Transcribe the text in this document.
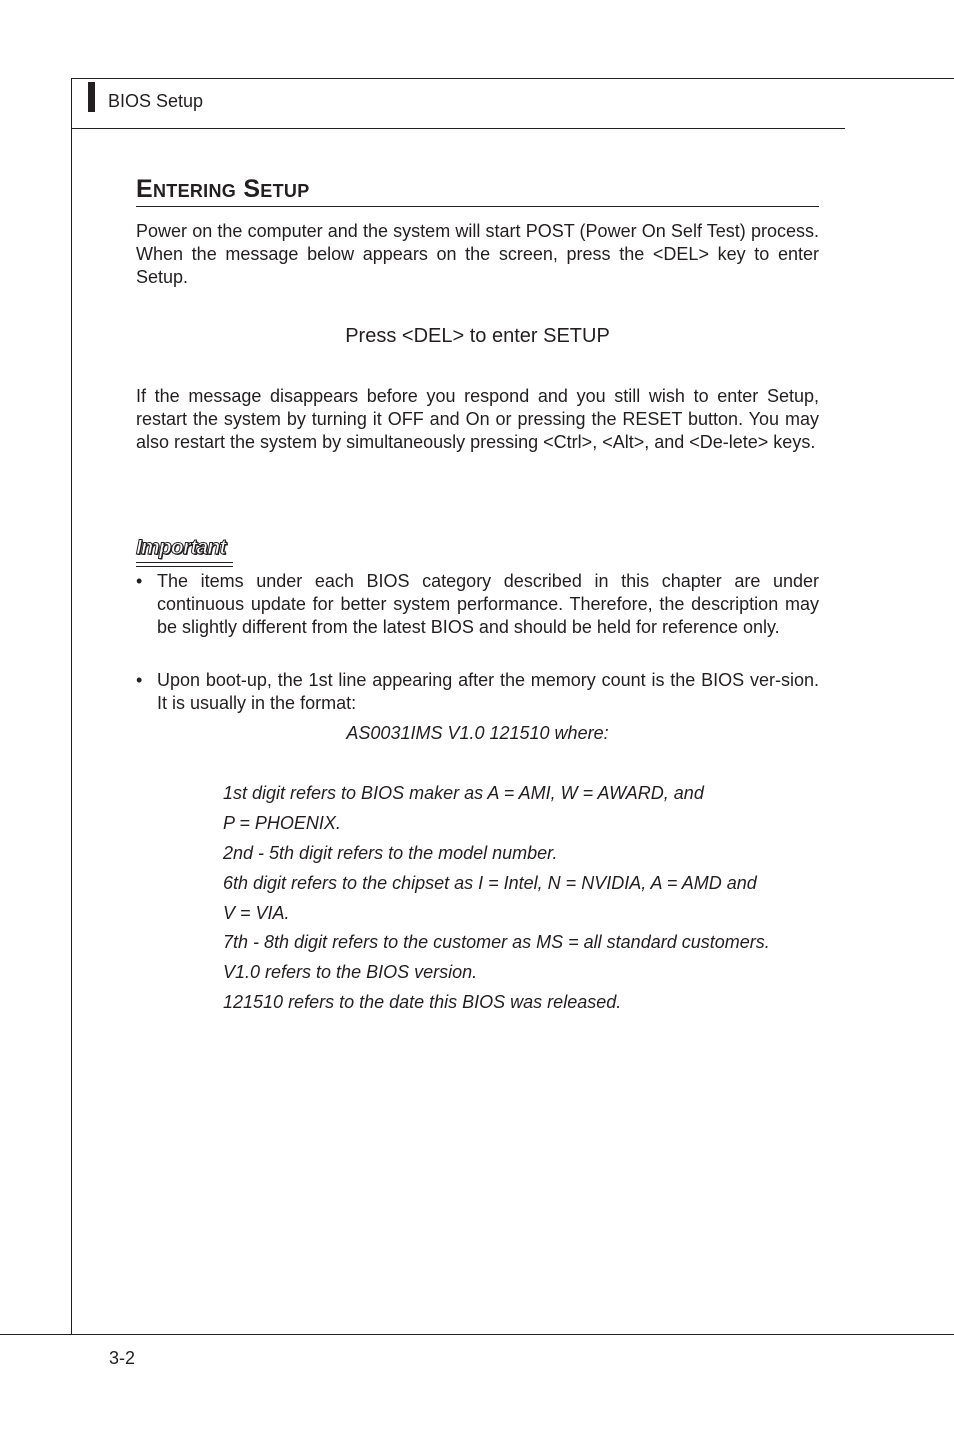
BIOS Setup
Entering Setup

Power on the computer and the system will start POST (Power On Self Test) process. When the message below appears on the screen, press the <DEL> key to enter Setup.

Press <DEL> to enter SETUP

If the message disappears before you respond and you still wish to enter Setup, restart the system by turning it OFF and On or pressing the RESET button. You may also restart the system by simultaneously pressing <Ctrl>, <Alt>, and <De-lete> keys.

Important
• The items under each BIOS category described in this chapter are under continuous update for better system performance. Therefore, the description may be slightly different from the latest BIOS and should be held for reference only.

• Upon boot-up, the 1st line appearing after the memory count is the BIOS ver-sion. It is usually in the format:

AS0031IMS V1.0 121510 where:
1st digit refers to BIOS maker as A = AMI, W = AWARD, and
P = PHOENIX.
2nd - 5th digit refers to the model number.
6th digit refers to the chipset as I = Intel, N = NVIDIA, A = AMD and
V = VIA.
7th - 8th digit refers to the customer as MS = all standard customers.
V1.0 refers to the BIOS version.
121510 refers to the date this BIOS was released.
3-2
